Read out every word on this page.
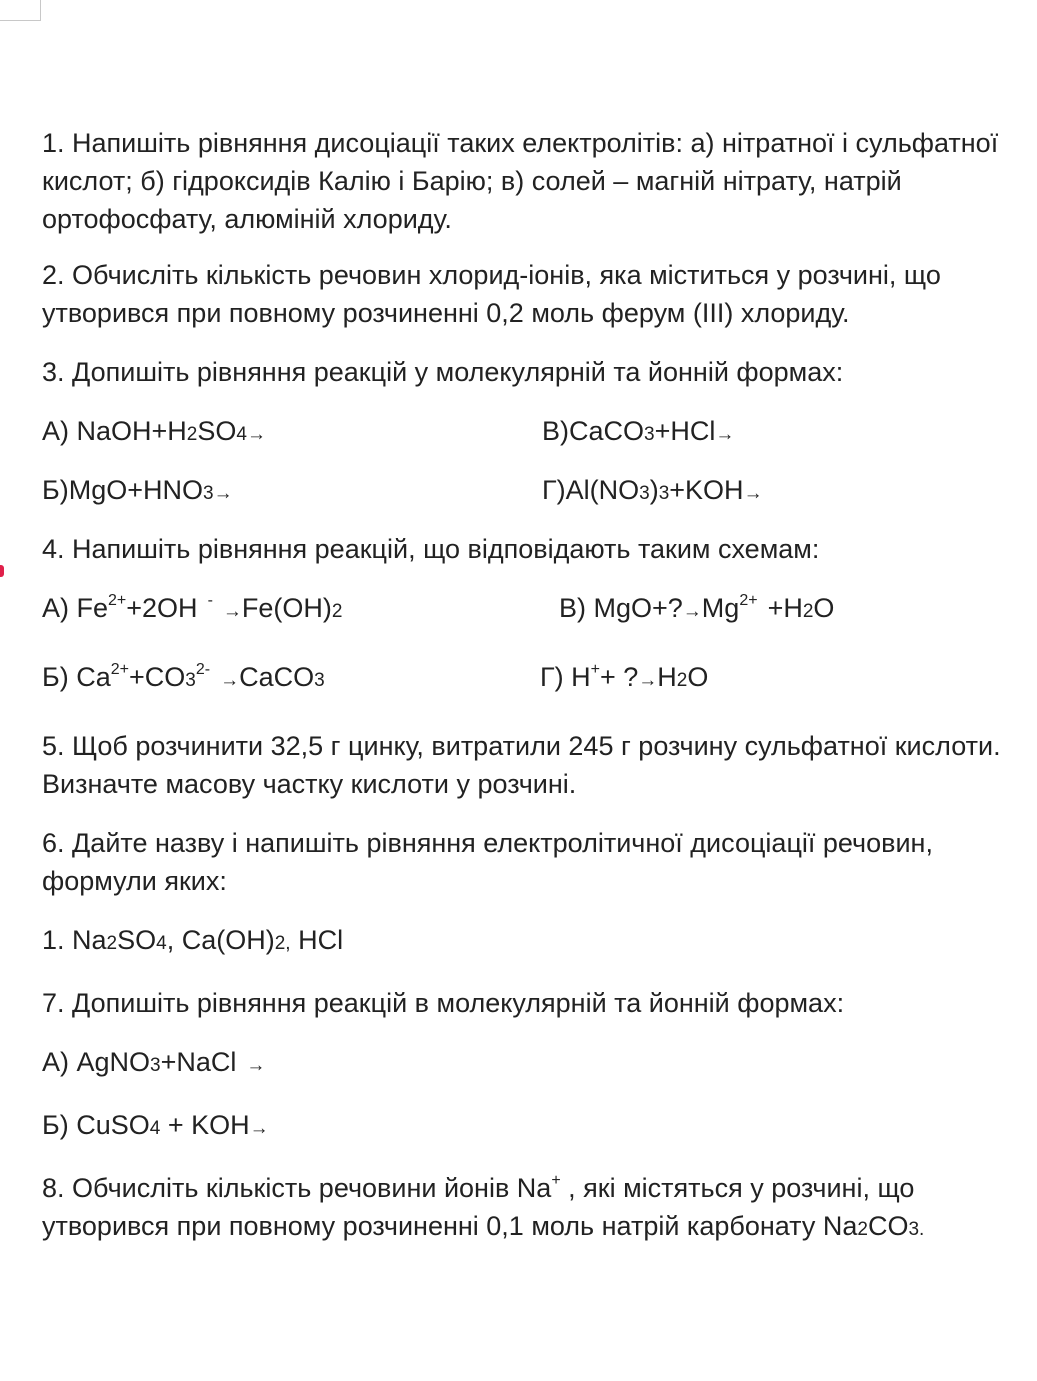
1. Напишіть рівняння дисоціації таких електролітів: а) нітратної і сульфатної кислот; б) гідроксидів Калію і Барію; в) солей – магній нітрату, натрій ортофосфату, алюміній хлориду.

2. Обчисліть кількість речовин хлорид-іонів, яка міститься у розчині, що утворився при повному розчиненні 0,2 моль ферум (III) хлориду.

3. Допишіть рівняння реакцій у молекулярній та йонній формах:

А) NaOH+H2SO4→	В)CaCO3+HCl→
Б)MgO+HNO3→	Г)Al(NO3)3+KOH→

4. Напишіть рівняння реакцій, що відповідають таким схемам:

А) $Fe^{2+}+2OH$ -→Fe(OH)2	В) $MgO+?\to Mg^{2+} +H2O$
Б) $Ca^{2+}+CO3^{2-}\to CaCO3$	Г) H++ ?→H2O

5. Щоб розчинити 32,5 г цинку, витратили 245 г розчину сульфатної кислоти. Визначте масову частку кислоти у розчині.

6. Дайте назву і напишіть рівняння електролітичної дисоціації речовин, формули яких:

1. Na2SO4, Ca(OH)2, HCl

7. Допишіть рівняння реакцій в молекулярній та йонній формах:

А) AgNO3+NaCl →

Б) CuSO4 + KOH→

8. Обчисліть кількість речовини йонів Na+ , які містяться у розчині, що утворився при повному розчиненні 0,1 моль натрій карбонату Na2CO3.
